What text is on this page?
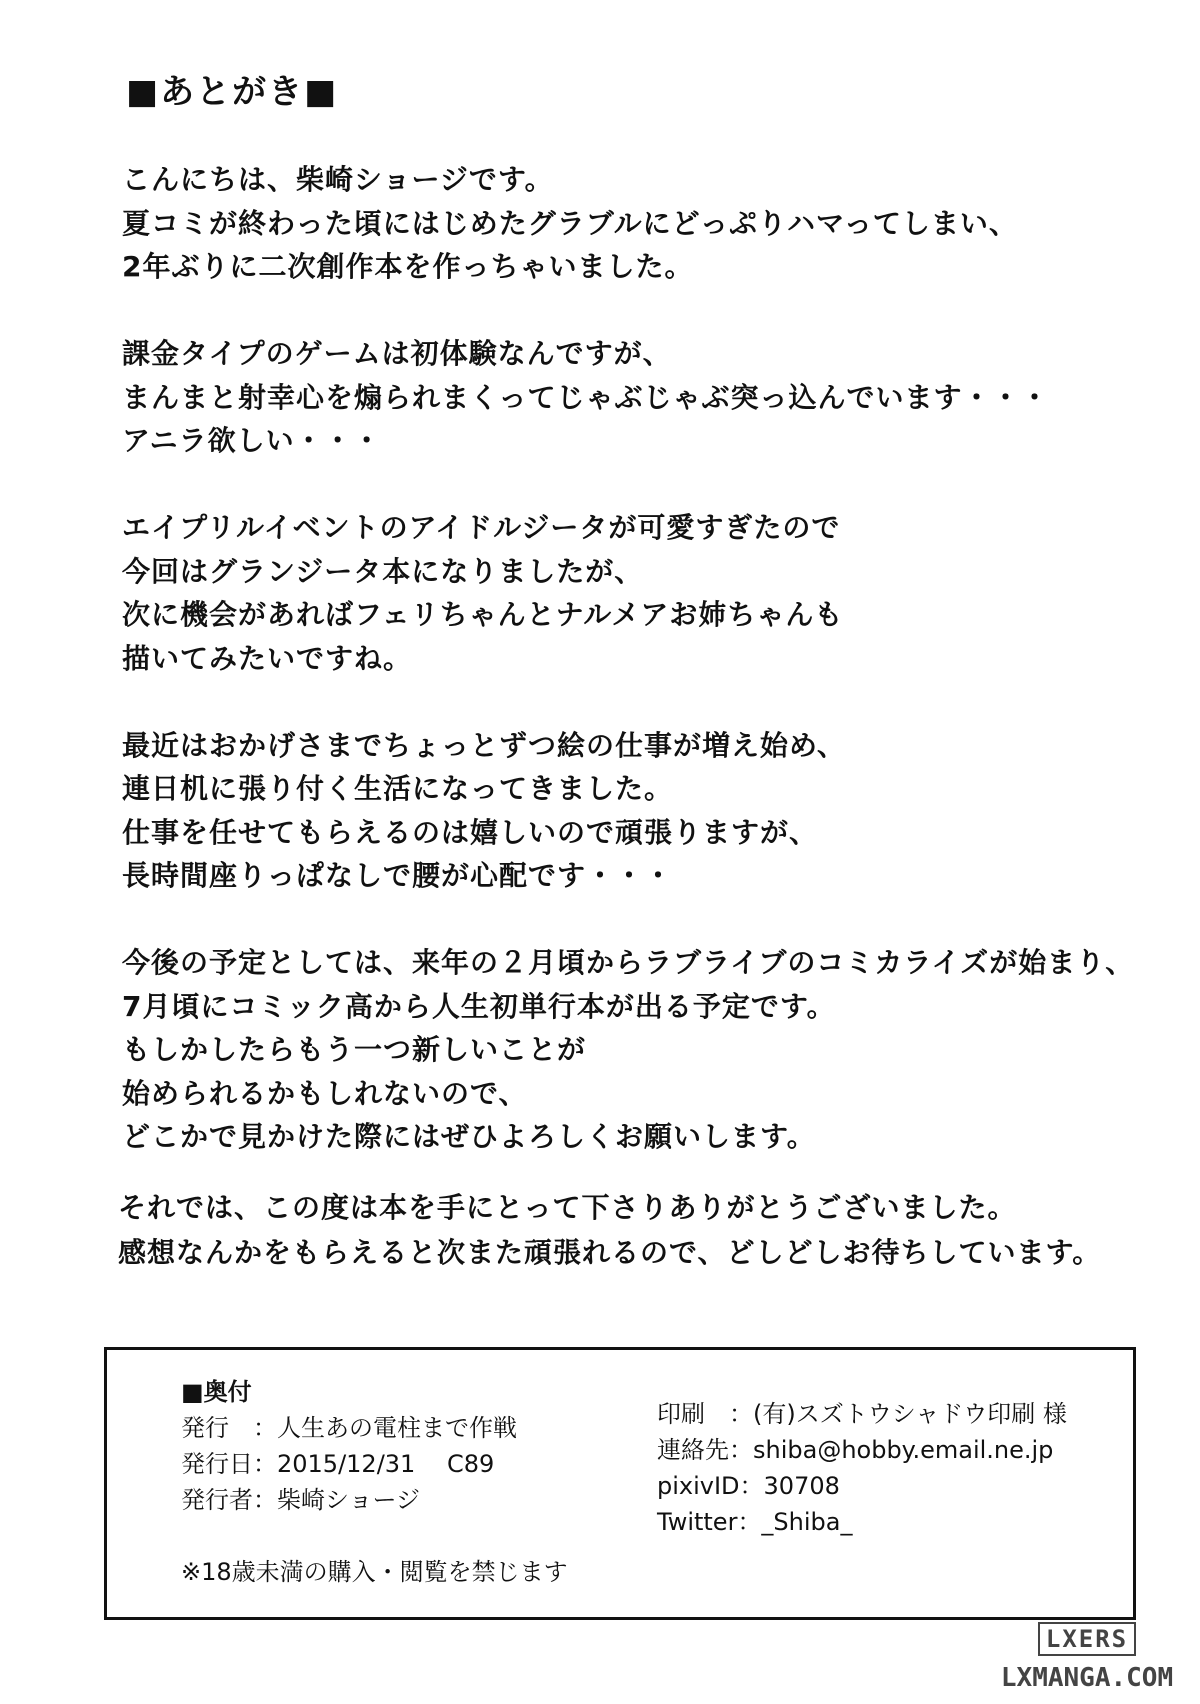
■あとがき■
こんにちは、柴崎ショージです。
夏コミが終わった頃にはじめたグラブルにどっぷりハマってしまい、
2年ぶりに二次創作本を作っちゃいました。
課金タイプのゲームは初体験なんですが、
まんまと射幸心を煽られまくってじゃぶじゃぶ突っ込んでいます・・・
アニラ欲しい・・・
エイプリルイベントのアイドルジータが可愛すぎたので
今回はグランジータ本になりましたが、
次に機会があればフェリちゃんとナルメアお姉ちゃんも
描いてみたいですね。
最近はおかげさまでちょっとずつ絵の仕事が増え始め、
連日机に張り付く生活になってきました。
仕事を任せてもらえるのは嬉しいので頑張りますが、
長時間座りっぱなしで腰が心配です・・・
今後の予定としては、来年の２月頃からラブライブのコミカライズが始まり、
7月頃にコミック高から人生初単行本が出る予定です。
もしかしたらもう一つ新しいことが
始められるかもしれないので、
どこかで見かけた際にはぜひよろしくお願いします。
それでは、この度は本を手にとって下さりありがとうございました。
感想なんかをもらえると次また頑張れるので、どしどしお待ちしています。
■奥付
発行　：人生あの電柱まで作戦
発行日：2015/12/31　 C89
発行者：柴崎ショージ
印刷　：(有)スズトウシャドウ印刷 様
連絡先：shiba@hobby.email.ne.jp
pixivID：30708
Twitter：_Shiba_
※18歳未満の購入・閲覧を禁じます
LXERS
LXMANGA.COM
